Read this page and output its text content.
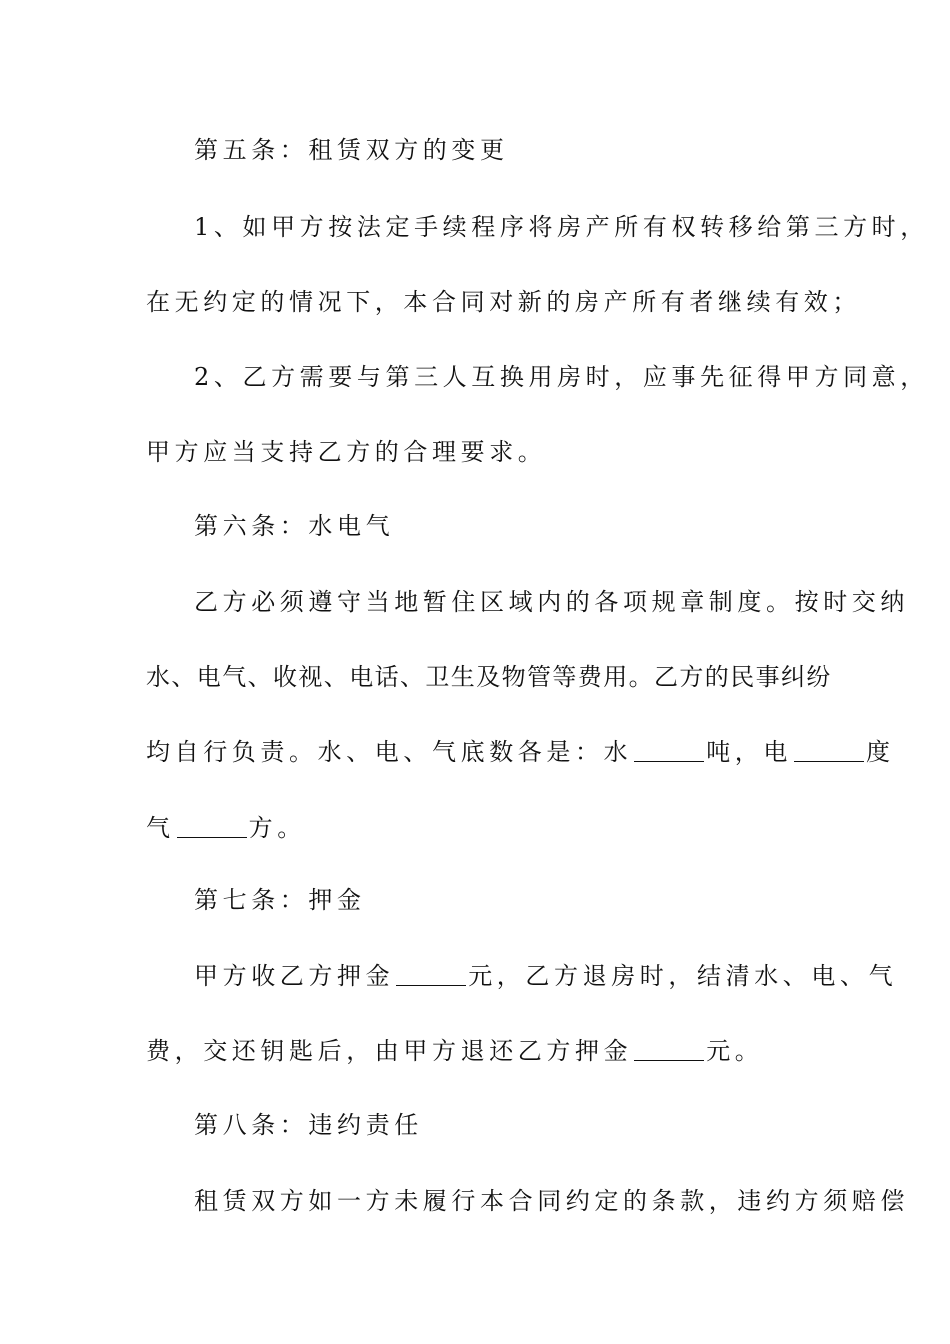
第五条：租赁双方的变更
1、如甲方按法定手续程序将房产所有权转移给第三方时，
在无约定的情况下，本合同对新的房产所有者继续有效；
2、乙方需要与第三人互换用房时，应事先征得甲方同意，
甲方应当支持乙方的合理要求。
第六条：水电气
乙方必须遵守当地暂住区域内的各项规章制度。按时交纳
水、电气、收视、电话、卫生及物管等费用。乙方的民事纠纷
均自行负责。水、电、气底数各是：水	吨，电	度
气	方。
第七条：押金
甲方收乙方押金	元，乙方退房时，结清水、电、气
费，交还钥匙后，由甲方退还乙方押金	元。
第八条：违约责任
租赁双方如一方未履行本合同约定的条款，违约方须赔偿
